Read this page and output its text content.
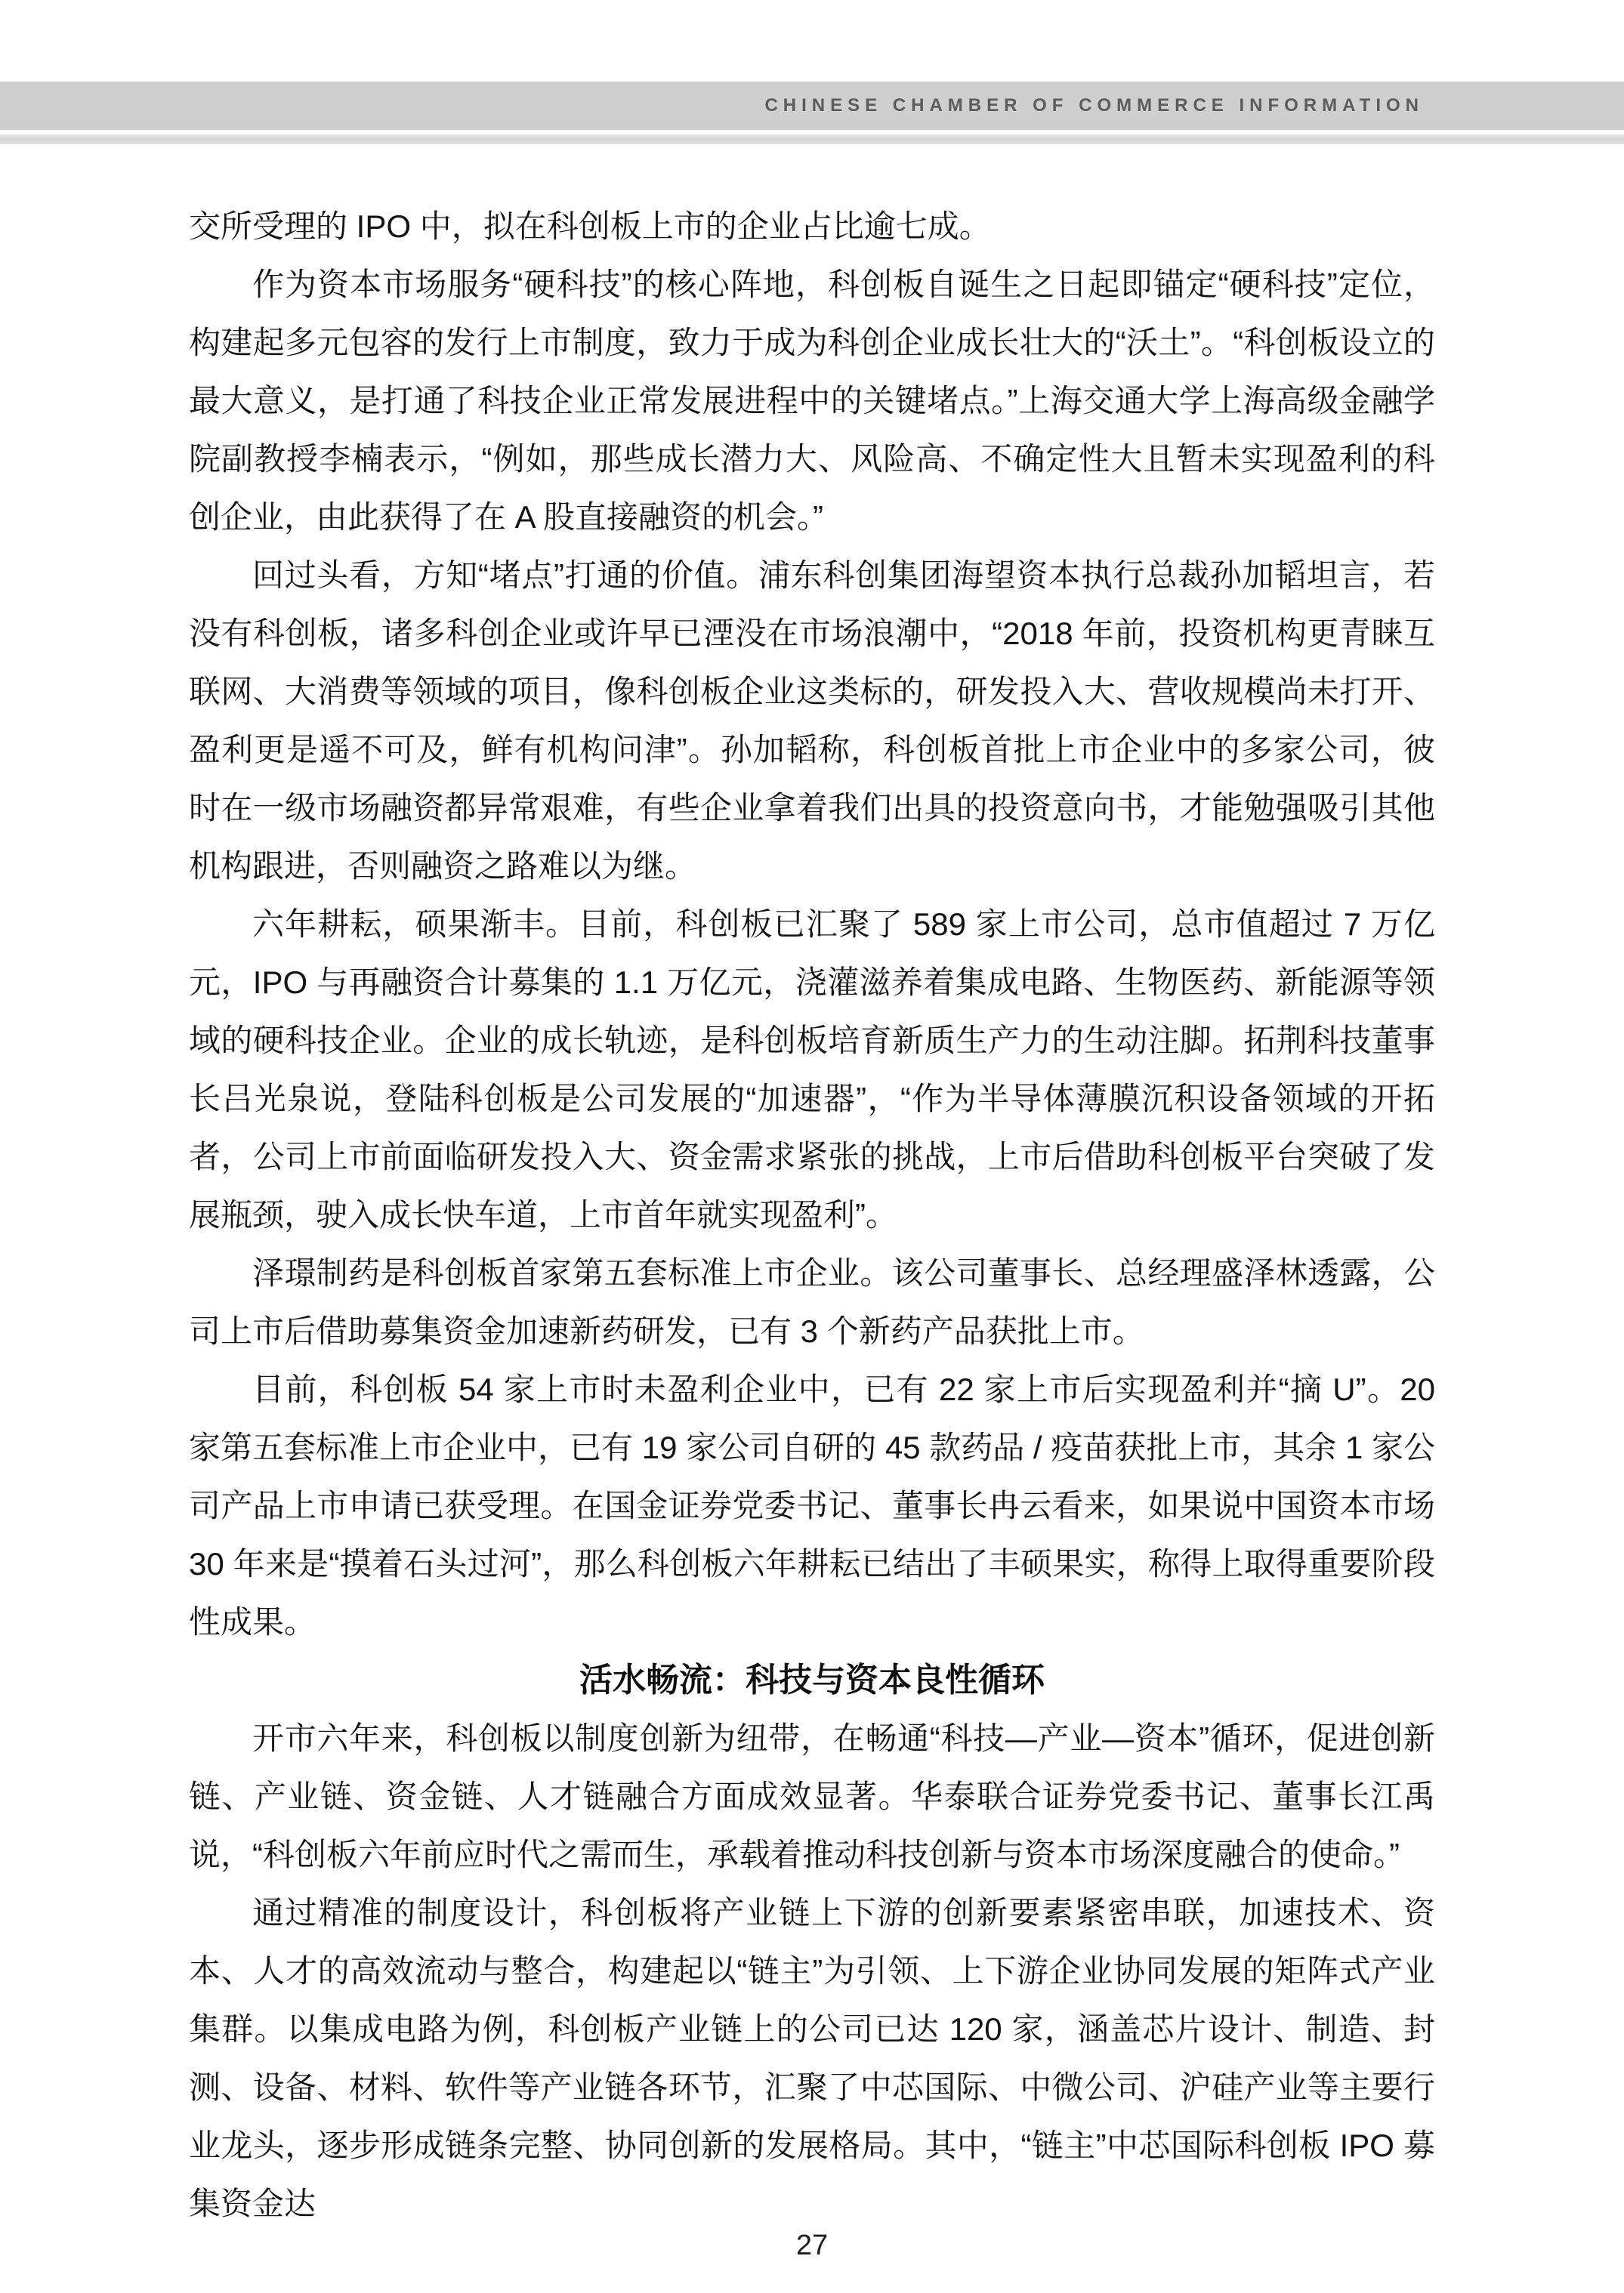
CHINESE CHAMBER OF COMMERCE INFORMATION

交所受理的 IPO 中，拟在科创板上市的企业占比逾七成。

作为资本市场服务“硬科技”的核心阵地，科创板自诞生之日起即锚定“硬科技”定位，构建起多元包容的发行上市制度，致力于成为科创企业成长壮大的“沃土”。“科创板设立的最大意义，是打通了科技企业正常发展进程中的关键堵点。”上海交通大学上海高级金融学院副教授李楠表示，“例如，那些成长潜力大、风险高、不确定性大且暂未实现盈利的科创企业，由此获得了在 A 股直接融资的机会。”

回过头看，方知“堵点”打通的价值。浦东科创集团海望资本执行总裁孙加韬坦言，若没有科创板，诸多科创企业或许早已湮没在市场浪潮中，“2018 年前，投资机构更青睐互联网、大消费等领域的项目，像科创板企业这类标的，研发投入大、营收规模尚未打开、盈利更是遥不可及，鲜有机构问津”。孙加韬称，科创板首批上市企业中的多家公司，彼时在一级市场融资都异常艰难，有些企业拿着我们出具的投资意向书，才能勉强吸引其他机构跟进，否则融资之路难以为继。

六年耕耘，硕果渐丰。目前，科创板已汇聚了 589 家上市公司，总市值超过 7 万亿元，IPO 与再融资合计募集的 1.1 万亿元，浇灌滋养着集成电路、生物医药、新能源等领域的硬科技企业。企业的成长轨迹，是科创板培育新质生产力的生动注脚。拓荆科技董事长吕光泉说，登陆科创板是公司发展的“加速器”，“作为半导体薄膜沉积设备领域的开拓者，公司上市前面临研发投入大、资金需求紧张的挑战，上市后借助科创板平台突破了发展瓶颈，驶入成长快车道，上市首年就实现盈利”。

泽璟制药是科创板首家第五套标准上市企业。该公司董事长、总经理盛泽林透露，公司上市后借助募集资金加速新药研发，已有 3 个新药产品获批上市。

目前，科创板 54 家上市时未盈利企业中，已有 22 家上市后实现盈利并“摘 U”。20 家第五套标准上市企业中，已有 19 家公司自研的 45 款药品 / 疫苗获批上市，其余 1 家公司产品上市申请已获受理。在国金证券党委书记、董事长冉云看来，如果说中国资本市场 30 年来是“摸着石头过河”，那么科创板六年耕耘已结出了丰硕果实，称得上取得重要阶段性成果。

活水畅流：科技与资本良性循环

开市六年来，科创板以制度创新为纽带，在畅通“科技—产业—资本”循环，促进创新链、产业链、资金链、人才链融合方面成效显著。华泰联合证券党委书记、董事长江禹说，“科创板六年前应时代之需而生，承载着推动科技创新与资本市场深度融合的使命。”

通过精准的制度设计，科创板将产业链上下游的创新要素紧密串联，加速技术、资本、人才的高效流动与整合，构建起以“链主”为引领、上下游企业协同发展的矩阵式产业集群。以集成电路为例，科创板产业链上的公司已达 120 家，涵盖芯片设计、制造、封测、设备、材料、软件等产业链各环节，汇聚了中芯国际、中微公司、沪硅产业等主要行业龙头，逐步形成链条完整、协同创新的发展格局。其中，“链主”中芯国际科创板 IPO 募集资金达

27
